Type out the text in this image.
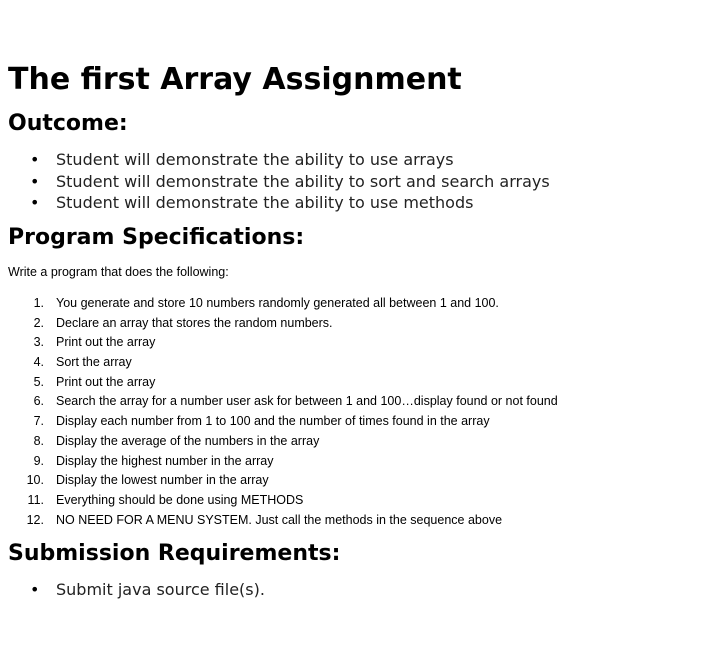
The first Array Assignment
Outcome:
• Student will demonstrate the ability to use arrays
• Student will demonstrate the ability to sort and search arrays
• Student will demonstrate the ability to use methods
Program Specifications:

Write a program that does the following:

1. You generate and store 10 numbers randomly generated all between 1 and 100.
2. Declare an array that stores the random numbers.
3. Print out the array
4. Sort the array
5. Print out the array
6. Search the array for a number user ask for between 1 and 100…display found or not found
7. Display each number from 1 to 100 and the number of times found in the array
8. Display the average of the numbers in the array
9. Display the highest number in the array
10. Display the lowest number in the array
11. Everything should be done using METHODS
12. NO NEED FOR A MENU SYSTEM. Just call the methods in the sequence above
Submission Requirements:
• Submit java source file(s).
